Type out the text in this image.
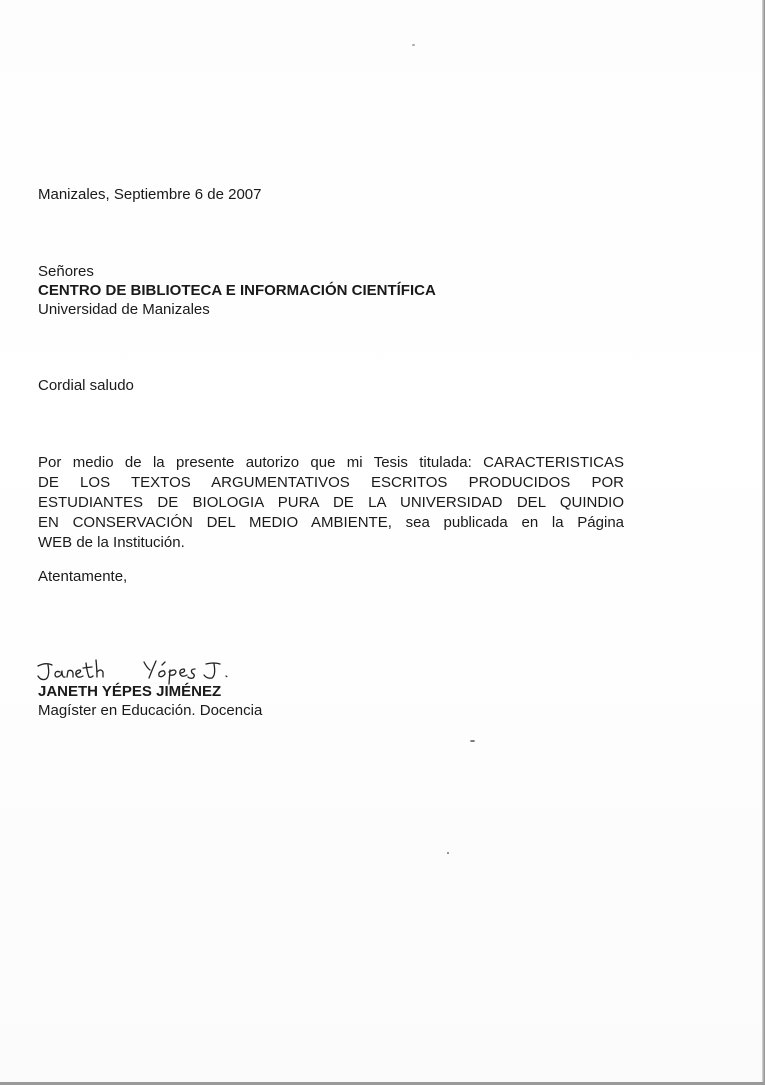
Manizales, Septiembre 6 de 2007
Señores
CENTRO DE BIBLIOTECA E INFORMACIÓN CIENTÍFICA
Universidad de Manizales
Cordial saludo
Por medio de la presente autorizo que mi Tesis titulada: CARACTERISTICAS
DE LOS TEXTOS ARGUMENTATIVOS ESCRITOS PRODUCIDOS POR
ESTUDIANTES DE BIOLOGIA PURA DE LA UNIVERSIDAD DEL QUINDIO
EN CONSERVACIÓN DEL MEDIO AMBIENTE, sea publicada en la Página
WEB de la Institución.
Atentamente,
JANETH YÉPES JIMÉNEZ
Magíster en Educación. Docencia
